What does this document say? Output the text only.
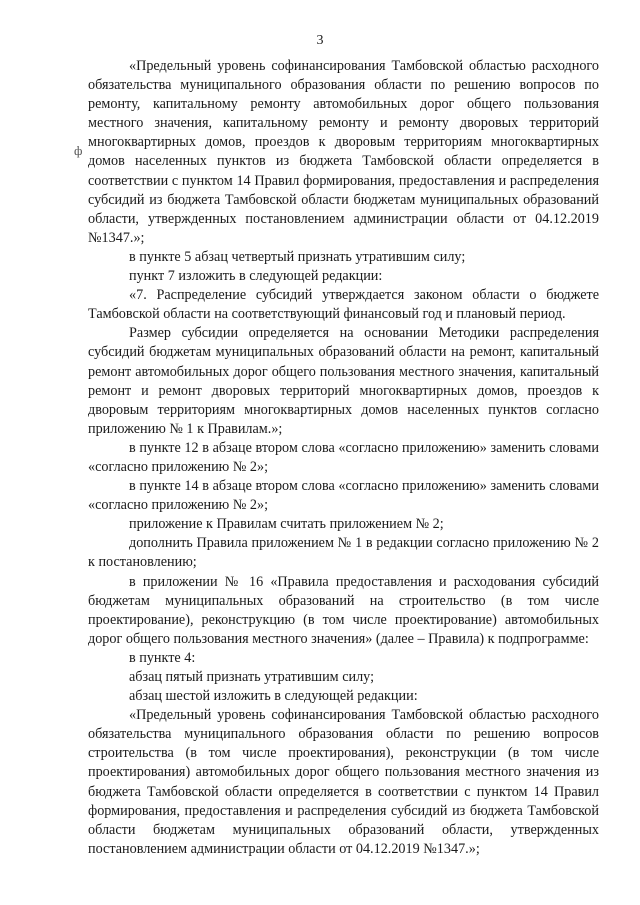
3
ф

«Предельный уровень софинансирования Тамбовской областью расходного обязательства муниципального образования области по решению вопросов по ремонту, капитальному ремонту автомобильных дорог общего пользования местного значения, капитальному ремонту и ремонту дворовых территорий многоквартирных домов, проездов к дворовым территориям многоквартирных домов населенных пунктов из бюджета Тамбовской области определяется в соответствии с пунктом 14 Правил формирования, предоставления и распределения субсидий из бюджета Тамбовской области бюджетам муниципальных образований области, утвержденных постановлением администрации области от 04.12.2019 №1347.»;

в пункте 5 абзац четвертый признать утратившим силу;

пункт 7 изложить в следующей редакции:

«7. Распределение субсидий утверждается законом области о бюджете Тамбовской области на соответствующий финансовый год и плановый период.

Размер субсидии определяется на основании Методики распределения субсидий бюджетам муниципальных образований области на ремонт, капитальный ремонт автомобильных дорог общего пользования местного значения, капитальный ремонт и ремонт дворовых территорий многоквартирных домов, проездов к дворовым территориям многоквартирных домов населенных пунктов согласно приложению № 1 к Правилам.»;

в пункте 12 в абзаце втором слова «согласно приложению» заменить словами «согласно приложению № 2»;

в пункте 14 в абзаце втором слова «согласно приложению» заменить словами «согласно приложению № 2»;

приложение к Правилам считать приложением № 2;

дополнить Правила приложением № 1 в редакции согласно приложению № 2 к постановлению;

в приложении № 16 «Правила предоставления и расходования субсидий бюджетам муниципальных образований на строительство (в том числе проектирование), реконструкцию (в том числе проектирование) автомобильных дорог общего пользования местного значения» (далее – Правила) к подпрограмме:

в пункте 4:

абзац пятый признать утратившим силу;

абзац шестой изложить в следующей редакции:

«Предельный уровень софинансирования Тамбовской областью расходного обязательства муниципального образования области по решению вопросов строительства (в том числе проектирования), реконструкции (в том числе проектирования) автомобильных дорог общего пользования местного значения из бюджета Тамбовской области определяется в соответствии с пунктом 14 Правил формирования, предоставления и распределения субсидий из бюджета Тамбовской области бюджетам муниципальных образований области, утвержденных постановлением администрации области от 04.12.2019 №1347.»;
